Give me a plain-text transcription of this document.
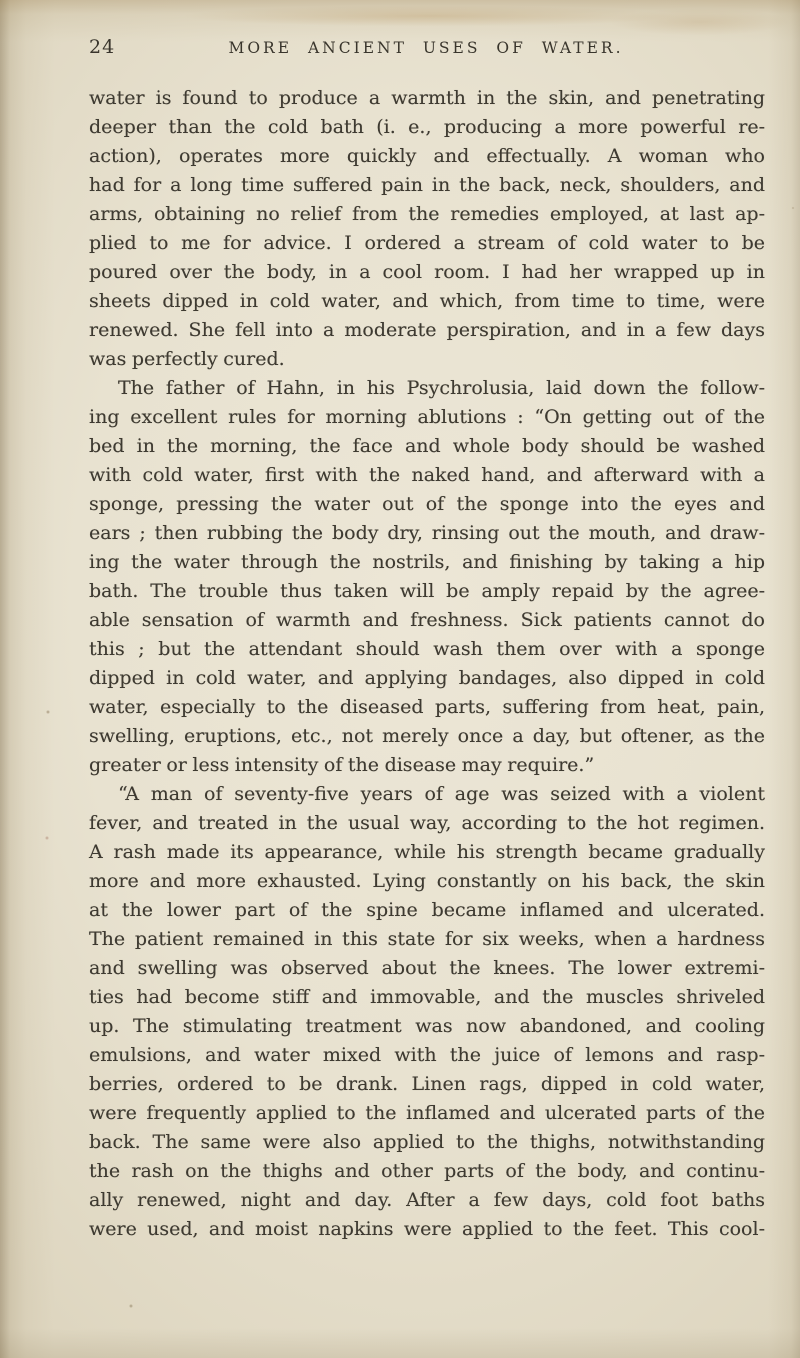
24	MORE ANCIENT USES OF WATER.
water is found to produce a warmth in the skin, and penetrating
deeper than the cold bath (i. e., producing a more powerful re-
action), operates more quickly and effectually. A woman who
had for a long time suffered pain in the back, neck, shoulders, and
arms, obtaining no relief from the remedies employed, at last ap-
plied to me for advice. I ordered a stream of cold water to be
poured over the body, in a cool room. I had her wrapped up in
sheets dipped in cold water, and which, from time to time, were
renewed. She fell into a moderate perspiration, and in a few days
was perfectly cured.
The father of Hahn, in his Psychrolusia, laid down the follow-
ing excellent rules for morning ablutions : “On getting out of the
bed in the morning, the face and whole body should be washed
with cold water, first with the naked hand, and afterward with a
sponge, pressing the water out of the sponge into the eyes and
ears ; then rubbing the body dry, rinsing out the mouth, and draw-
ing the water through the nostrils, and finishing by taking a hip
bath. The trouble thus taken will be amply repaid by the agree-
able sensation of warmth and freshness. Sick patients cannot do
this ; but the attendant should wash them over with a sponge
dipped in cold water, and applying bandages, also dipped in cold
water, especially to the diseased parts, suffering from heat, pain,
swelling, eruptions, etc., not merely once a day, but oftener, as the
greater or less intensity of the disease may require.”
“A man of seventy-five years of age was seized with a violent
fever, and treated in the usual way, according to the hot regimen.
A rash made its appearance, while his strength became gradually
more and more exhausted. Lying constantly on his back, the skin
at the lower part of the spine became inflamed and ulcerated.
The patient remained in this state for six weeks, when a hardness
and swelling was observed about the knees. The lower extremi-
ties had become stiff and immovable, and the muscles shriveled
up. The stimulating treatment was now abandoned, and cooling
emulsions, and water mixed with the juice of lemons and rasp-
berries, ordered to be drank. Linen rags, dipped in cold water,
were frequently applied to the inflamed and ulcerated parts of the
back. The same were also applied to the thighs, notwithstanding
the rash on the thighs and other parts of the body, and continu-
ally renewed, night and day. After a few days, cold foot baths
were used, and moist napkins were applied to the feet. This cool-
